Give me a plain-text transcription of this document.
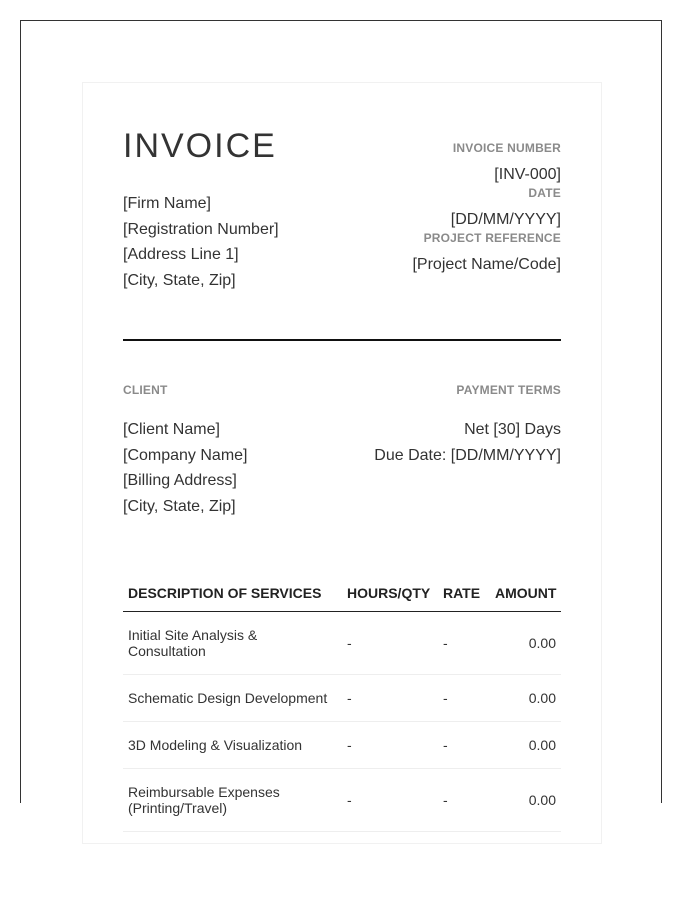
INVOICE
[Firm Name]
[Registration Number]
[Address Line 1]
[City, State, Zip]
INVOICE NUMBER
[INV-000]
DATE
[DD/MM/YYYY]
PROJECT REFERENCE
[Project Name/Code]
CLIENT
[Client Name]
[Company Name]
[Billing Address]
[City, State, Zip]
PAYMENT TERMS
Net [30] Days
Due Date: [DD/MM/YYYY]
DESCRIPTION OF SERVICES	HOURS/QTY	RATE	AMOUNT
Initial Site Analysis & Consultation	-	-	0.00
Schematic Design Development	-	-	0.00
3D Modeling & Visualization	-	-	0.00
Reimbursable Expenses (Printing/Travel)	-	-	0.00
